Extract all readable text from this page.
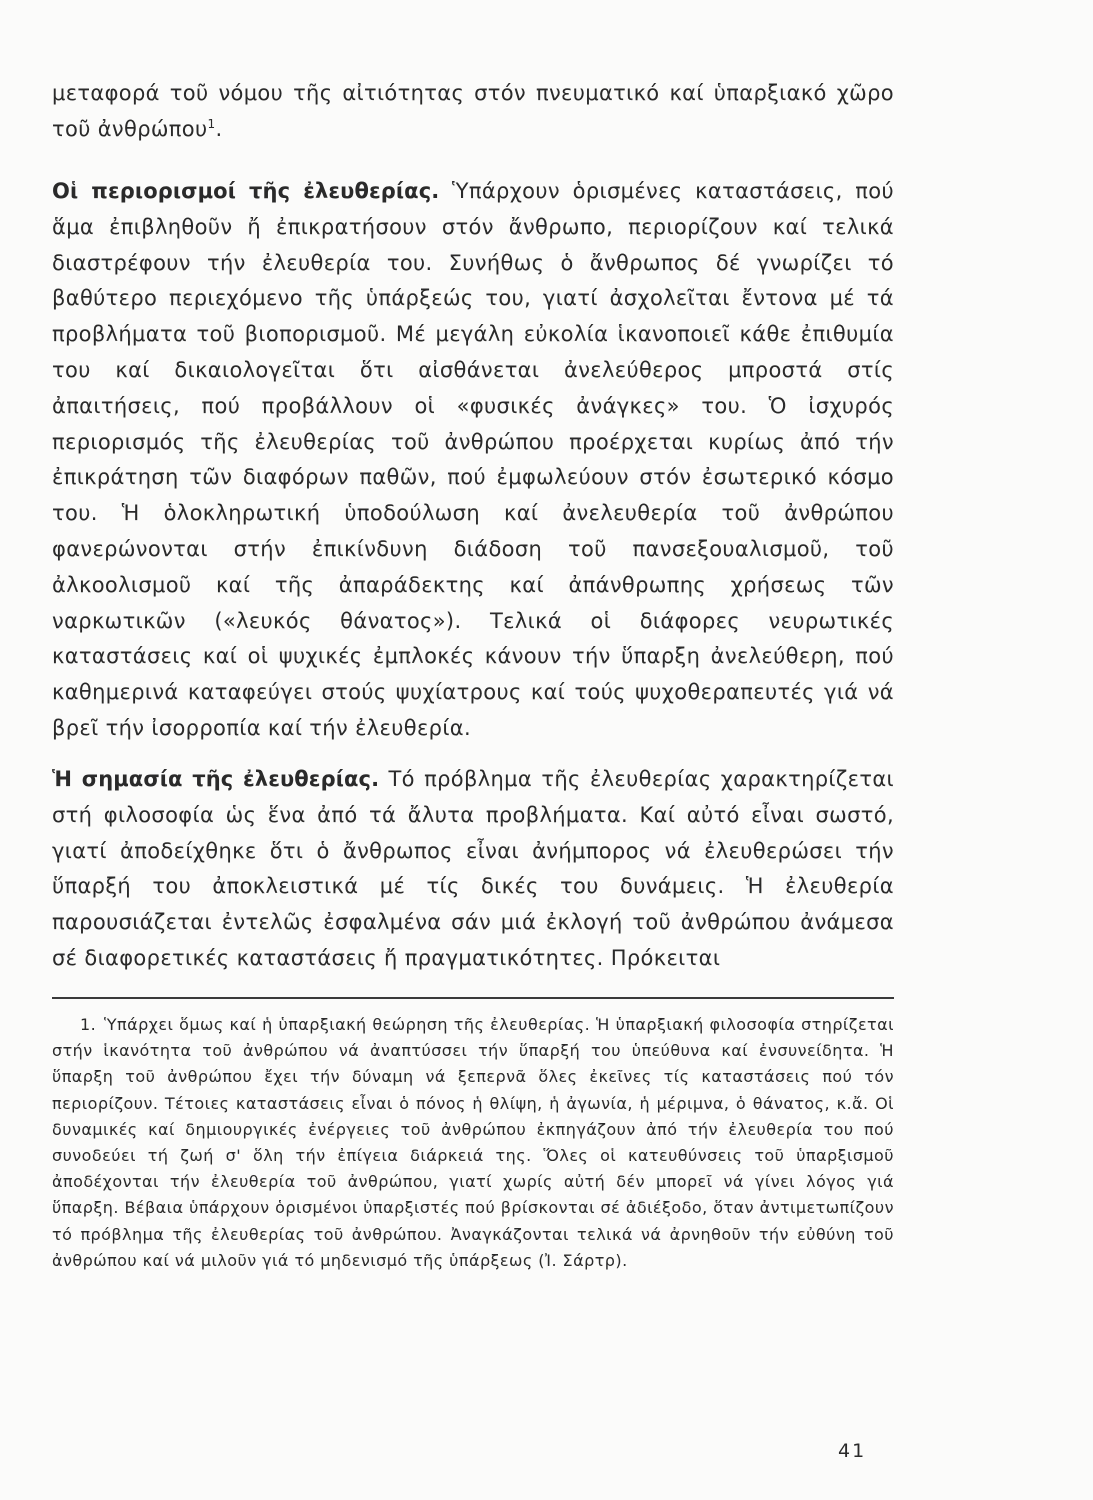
μεταφορά τοῦ νόμου τῆς αἰτιότητας στόν πνευματικό καί ὑπαρξιακό χῶρο τοῦ ἀνθρώπου$^1$.

Οἱ περιορισμοί τῆς ἐλευθερίας. Ὑπάρχουν ὁρισμένες καταστάσεις, πού ἅμα ἐπιβληθοῦν ἤ ἐπικρατήσουν στόν ἄνθρωπο, περιορίζουν καί τελικά διαστρέφουν τήν ἐλευθερία του. Συνήθως ὁ ἄνθρωπος δέ γνωρίζει τό βαθύτερο περιεχόμενο τῆς ὑπάρξεώς του, γιατί ἀσχολεῖται ἔντονα μέ τά προβλήματα τοῦ βιοπορισμοῦ. Μέ μεγάλη εὐκολία ἱκανοποιεῖ κάθε ἐπιθυμία του καί δικαιολογεῖται ὅτι αἰσθάνεται ἀνελεύθερος μπροστά στίς ἀπαιτήσεις, πού προβάλλουν οἱ «φυσικές ἀνάγκες» του. Ὁ ἰσχυρός περιορισμός τῆς ἐλευθερίας τοῦ ἀνθρώπου προέρχεται κυρίως ἀπό τήν ἐπικράτηση τῶν διαφόρων παθῶν, πού ἐμφωλεύουν στόν ἐσωτερικό κόσμο του. Ἡ ὁλοκληρωτική ὑποδούλωση καί ἀνελευθερία τοῦ ἀνθρώπου φανερώνονται στήν ἐπικίνδυνη διάδοση τοῦ πανσεξουαλισμοῦ, τοῦ ἀλκοολισμοῦ καί τῆς ἀπαράδεκτης καί ἀπάνθρωπης χρήσεως τῶν ναρκωτικῶν («λευκός θάνατος»). Τελικά οἱ διάφορες νευρωτικές καταστάσεις καί οἱ ψυχικές ἐμπλοκές κάνουν τήν ὕπαρξη ἀνελεύθερη, πού καθημερινά καταφεύγει στούς ψυχίατρους καί τούς ψυχοθεραπευτές γιά νά βρεῖ τήν ἰσορροπία καί τήν ἐλευθερία.

Ἡ σημασία τῆς ἐλευθερίας. Τό πρόβλημα τῆς ἐλευθερίας χαρακτηρίζεται στή φιλοσοφία ὡς ἕνα ἀπό τά ἄλυτα προβλήματα. Καί αὐτό εἶναι σωστό, γιατί ἀποδείχθηκε ὅτι ὁ ἄνθρωπος εἶναι ἀνήμπορος νά ἐλευθερώσει τήν ὕπαρξή του ἀποκλειστικά μέ τίς δικές του δυνάμεις. Ἡ ἐλευθερία παρουσιάζεται ἐντελῶς ἐσφαλμένα σάν μιά ἐκλογή τοῦ ἀνθρώπου ἀνάμεσα σέ διαφορετικές καταστάσεις ἤ πραγματικότητες. Πρόκειται

1. Ὑπάρχει ὅμως καί ἡ ὑπαρξιακή θεώρηση τῆς ἐλευθερίας. Ἡ ὑπαρξιακή φιλοσοφία στηρίζεται στήν ἱκανότητα τοῦ ἀνθρώπου νά ἀναπτύσσει τήν ὕπαρξή του ὑπεύθυνα καί ἐνσυνείδητα. Ἡ ὕπαρξη τοῦ ἀνθρώπου ἔχει τήν δύναμη νά ξεπερνᾶ ὅλες ἐκεῖνες τίς καταστάσεις πού τόν περιορίζουν. Τέτοιες καταστάσεις εἶναι ὁ πόνος ἡ θλίψη, ἡ ἀγωνία, ἡ μέριμνα, ὁ θάνατος, κ.ἄ. Οἱ δυναμικές καί δημιουργικές ἐνέργειες τοῦ ἀνθρώπου ἐκπηγάζουν ἀπό τήν ἐλευθερία του πού συνοδεύει τή ζωή σ' ὅλη τήν ἐπίγεια διάρκειά της. Ὅλες οἱ κατευθύνσεις τοῦ ὑπαρξισμοῦ ἀποδέχονται τήν ἐλευθερία τοῦ ἀνθρώπου, γιατί χωρίς αὐτή δέν μπορεῖ νά γίνει λόγος γιά ὕπαρξη. Βέβαια ὑπάρχουν ὁρισμένοι ὑπαρξιστές πού βρίσκονται σέ ἀδιέξοδο, ὅταν ἀντιμετωπίζουν τό πρόβλημα τῆς ἐλευθερίας τοῦ ἀνθρώπου. Ἀναγκάζονται τελικά νά ἀρνηθοῦν τήν εὐθύνη τοῦ ἀνθρώπου καί νά μιλοῦν γιά τό μηδενισμό τῆς ὑπάρξεως (Ἰ. Σάρτρ).

41
